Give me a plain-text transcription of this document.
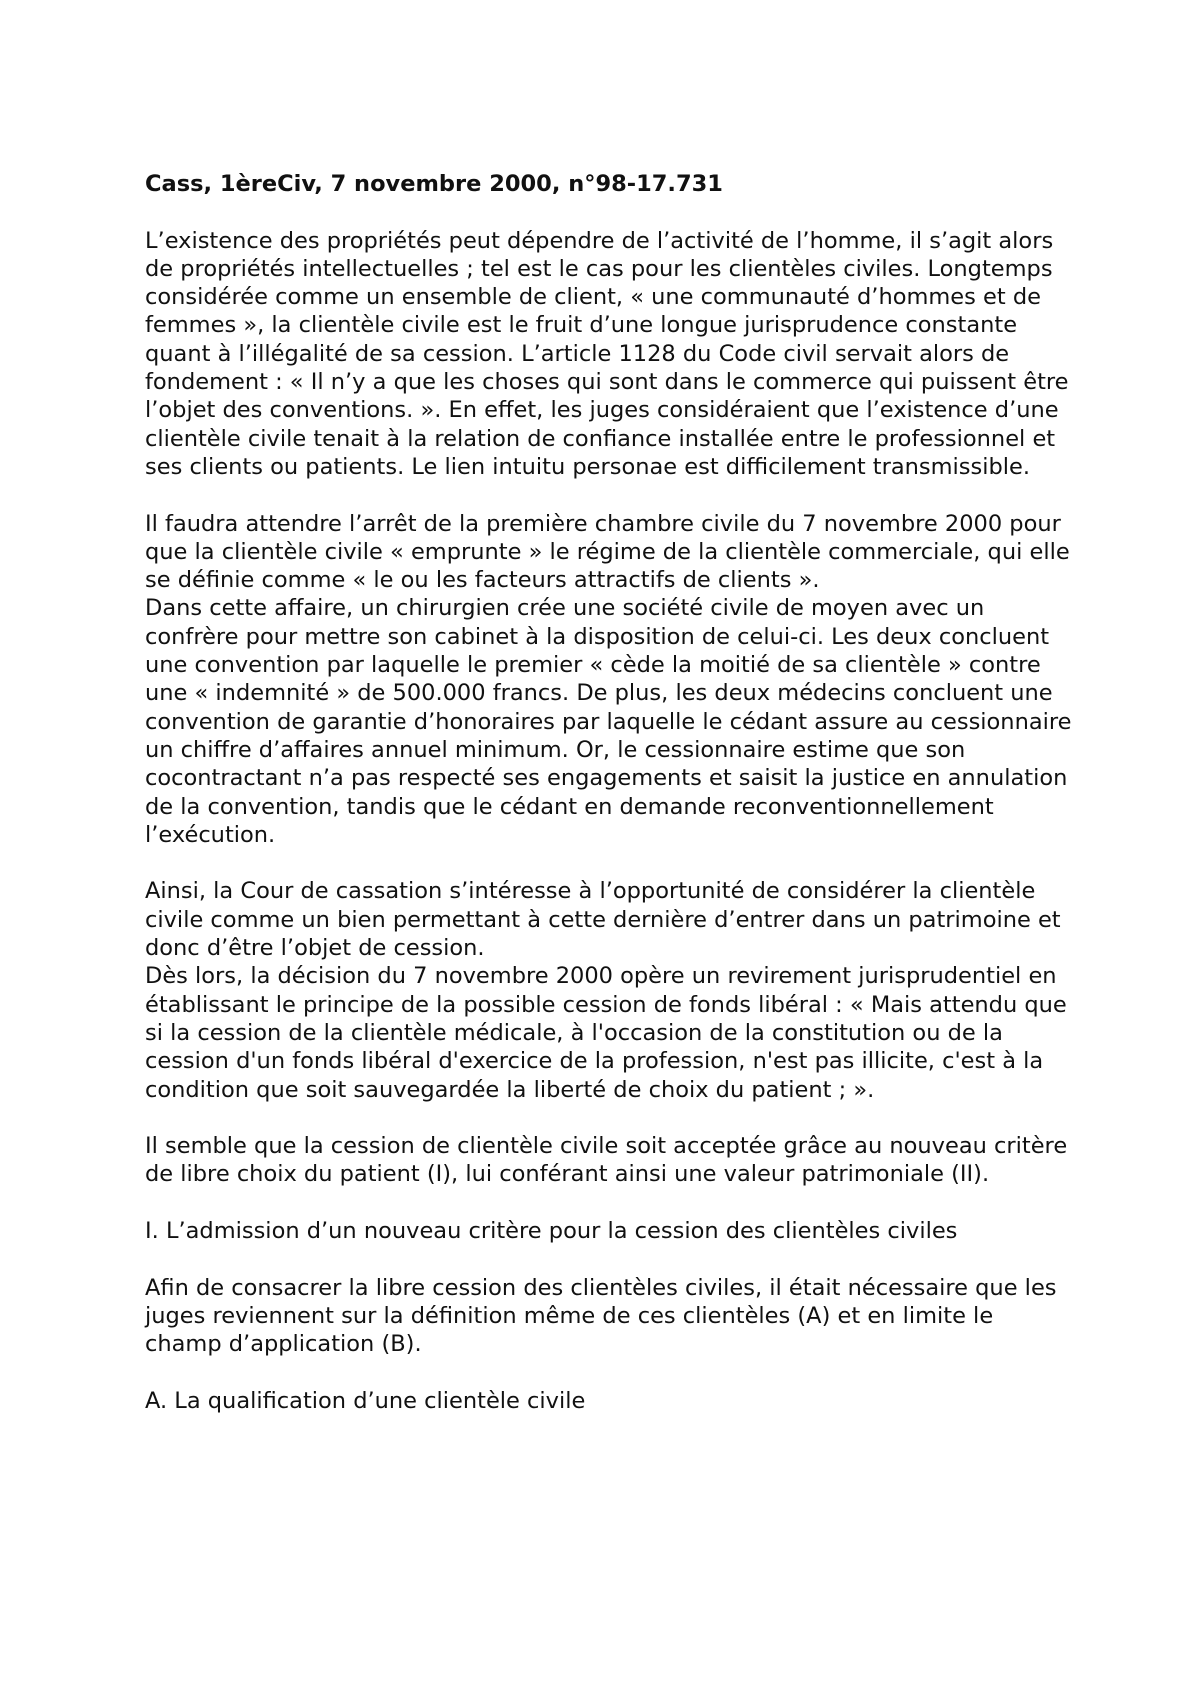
Cass, 1èreCiv, 7 novembre 2000, n°98-17.731

L’existence des propriétés peut dépendre de l’activité de l’homme, il s’agit alors de propriétés intellectuelles ; tel est le cas pour les clientèles civiles. Longtemps considérée comme un ensemble de client, « une communauté d’hommes et de femmes », la clientèle civile est le fruit d’une longue jurisprudence constante quant à l’illégalité de sa cession. L’article 1128 du Code civil servait alors de fondement : « Il n’y a que les choses qui sont dans le commerce qui puissent être l’objet des conventions. ». En effet, les juges considéraient que l’existence d’une clientèle civile tenait à la relation de confiance installée entre le professionnel et ses clients ou patients. Le lien intuitu personae est difficilement transmissible.

Il faudra attendre l’arrêt de la première chambre civile du 7 novembre 2000 pour que la clientèle civile « emprunte » le régime de la clientèle commerciale, qui elle se définie comme « le ou les facteurs attractifs de clients ».

Dans cette affaire, un chirurgien crée une société civile de moyen avec un confrère pour mettre son cabinet à la disposition de celui-ci. Les deux concluent une convention par laquelle le premier « cède la moitié de sa clientèle » contre une « indemnité » de 500.000 francs. De plus, les deux médecins concluent une convention de garantie d’honoraires par laquelle le cédant assure au cessionnaire un chiffre d’affaires annuel minimum. Or, le cessionnaire estime que son cocontractant n’a pas respecté ses engagements et saisit la justice en annulation de la convention, tandis que le cédant en demande reconventionnellement l’exécution.

Ainsi, la Cour de cassation s’intéresse à l’opportunité de considérer la clientèle civile comme un bien permettant à cette dernière d’entrer dans un patrimoine et donc d’être l’objet de cession.

Dès lors, la décision du 7 novembre 2000 opère un revirement jurisprudentiel en établissant le principe de la possible cession de fonds libéral : « Mais attendu que si la cession de la clientèle médicale, à l'occasion de la constitution ou de la cession d'un fonds libéral d'exercice de la profession, n'est pas illicite, c'est à la condition que soit sauvegardée la liberté de choix du patient ; ».

Il semble que la cession de clientèle civile soit acceptée grâce au nouveau critère de libre choix du patient (I), lui conférant ainsi une valeur patrimoniale (II).

I. L’admission d’un nouveau critère pour la cession des clientèles civiles

Afin de consacrer la libre cession des clientèles civiles, il était nécessaire que les juges reviennent sur la définition même de ces clientèles (A) et en limite le champ d’application (B).

A. La qualification d’une clientèle civile
